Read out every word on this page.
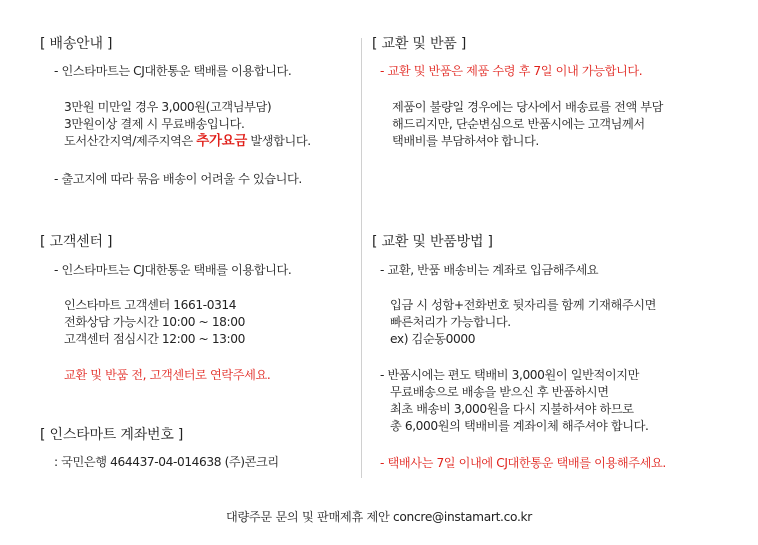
[ 배송안내 ]
- 인스타마트는 CJ대한통운 택배를 이용합니다.
3만원 미만일 경우 3,000원(고객님부담)
3만원이상 결제 시 무료배송입니다.
도서산간지역/제주지역은 추가요금 발생합니다.
- 출고지에 따라 묶음 배송이 어려울 수 있습니다.
[ 고객센터 ]
- 인스타마트는 CJ대한통운 택배를 이용합니다.
인스타마트 고객센터 1661-0314
전화상담 가능시간 10:00 ~ 18:00
고객센터 점심시간 12:00 ~ 13:00
교환 및 반품 전, 고객센터로 연락주세요.
[ 인스타마트 계좌번호 ]
: 국민은행 464437-04-014638 (주)콘크리
[ 교환 및 반품 ]
- 교환 및 반품은 제품 수령 후 7일 이내 가능합니다.
제품이 불량일 경우에는 당사에서 배송료를 전액 부담
해드리지만, 단순변심으로 반품시에는 고객님께서
택배비를 부담하셔야 합니다.
[ 교환 및 반품방법 ]
- 교환, 반품 배송비는 계좌로 입금해주세요
입금 시 성함+전화번호 뒷자리를 함께 기재해주시면
빠른처리가 가능합니다.
ex) 김순동0000
- 반품시에는 편도 택배비 3,000원이 일반적이지만
무료배송으로 배송을 받으신 후 반품하시면
최초 배송비 3,000원을 다시 지불하셔야 하므로
총 6,000원의 택배비를 계좌이체 해주셔야 합니다.
- 택배사는 7일 이내에 CJ대한통운 택배를 이용해주세요.
대량주문 문의 및 판매제휴 제안 concre@instamart.co.kr
